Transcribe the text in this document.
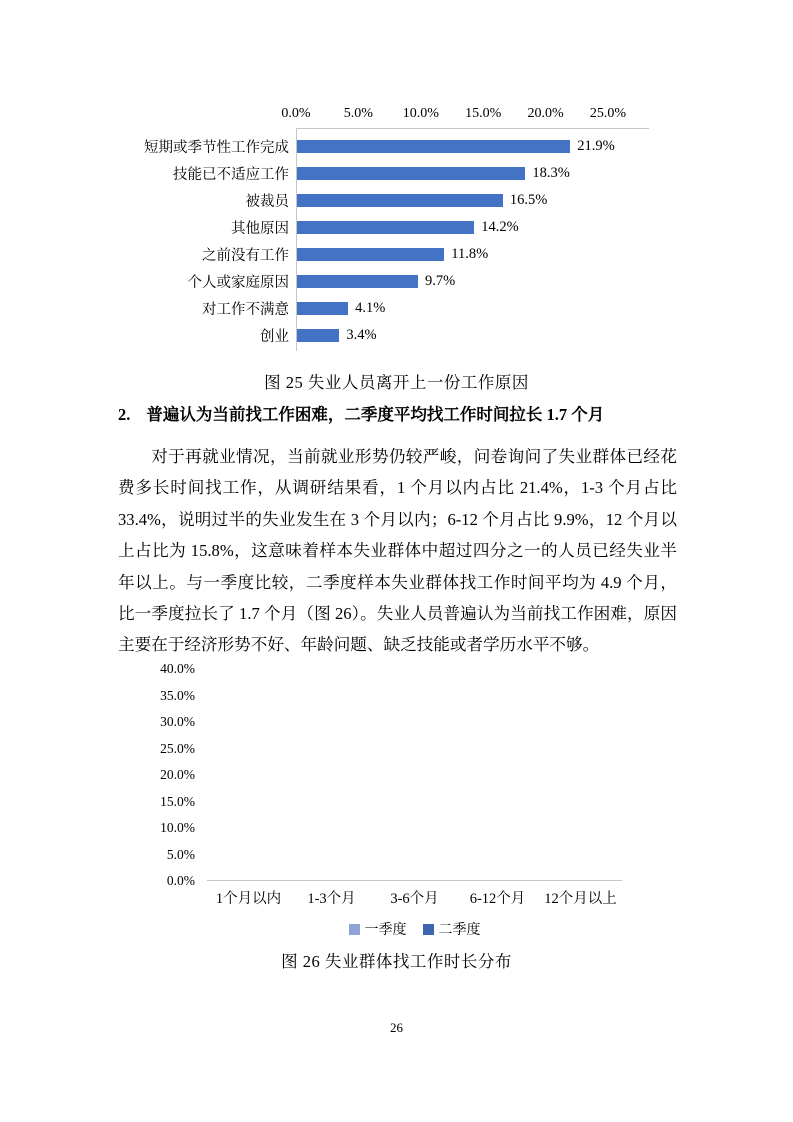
0.0% 5.0% 10.0% 15.0% 20.0% 25.0%
短期或季节性工作完成	21.9%
技能已不适应工作	18.3%
被裁员	16.5%
其他原因	14.2%
之前没有工作	11.8%
个人或家庭原因	9.7%
对工作不满意	4.1%
创业	3.4%
图 25 失业人员离开上一份工作原因
2. 普遍认为当前找工作困难，二季度平均找工作时间拉长 1.7 个月
对于再就业情况，当前就业形势仍较严峻，问卷询问了失业群体已经花费多长时间找工作，从调研结果看，1 个月以内占比 21.4%，1-3 个月占比 33.4%，说明过半的失业发生在 3 个月以内；6-12 个月占比 9.9%，12 个月以上占比为 15.8%，这意味着样本失业群体中超过四分之一的人员已经失业半年以上。与一季度比较，二季度样本失业群体找工作时间平均为 4.9 个月，比一季度拉长了 1.7 个月（图 26）。失业人员普遍认为当前找工作困难，原因主要在于经济形势不好、年龄问题、缺乏技能或者学历水平不够。
0.0%
5.0%
10.0%
15.0%
20.0%
25.0%
30.0%
35.0%
40.0%
1个月以内	1-3个月	3-6个月	6-12个月	12个月以上
一季度 二季度
图 26 失业群体找工作时长分布
26
